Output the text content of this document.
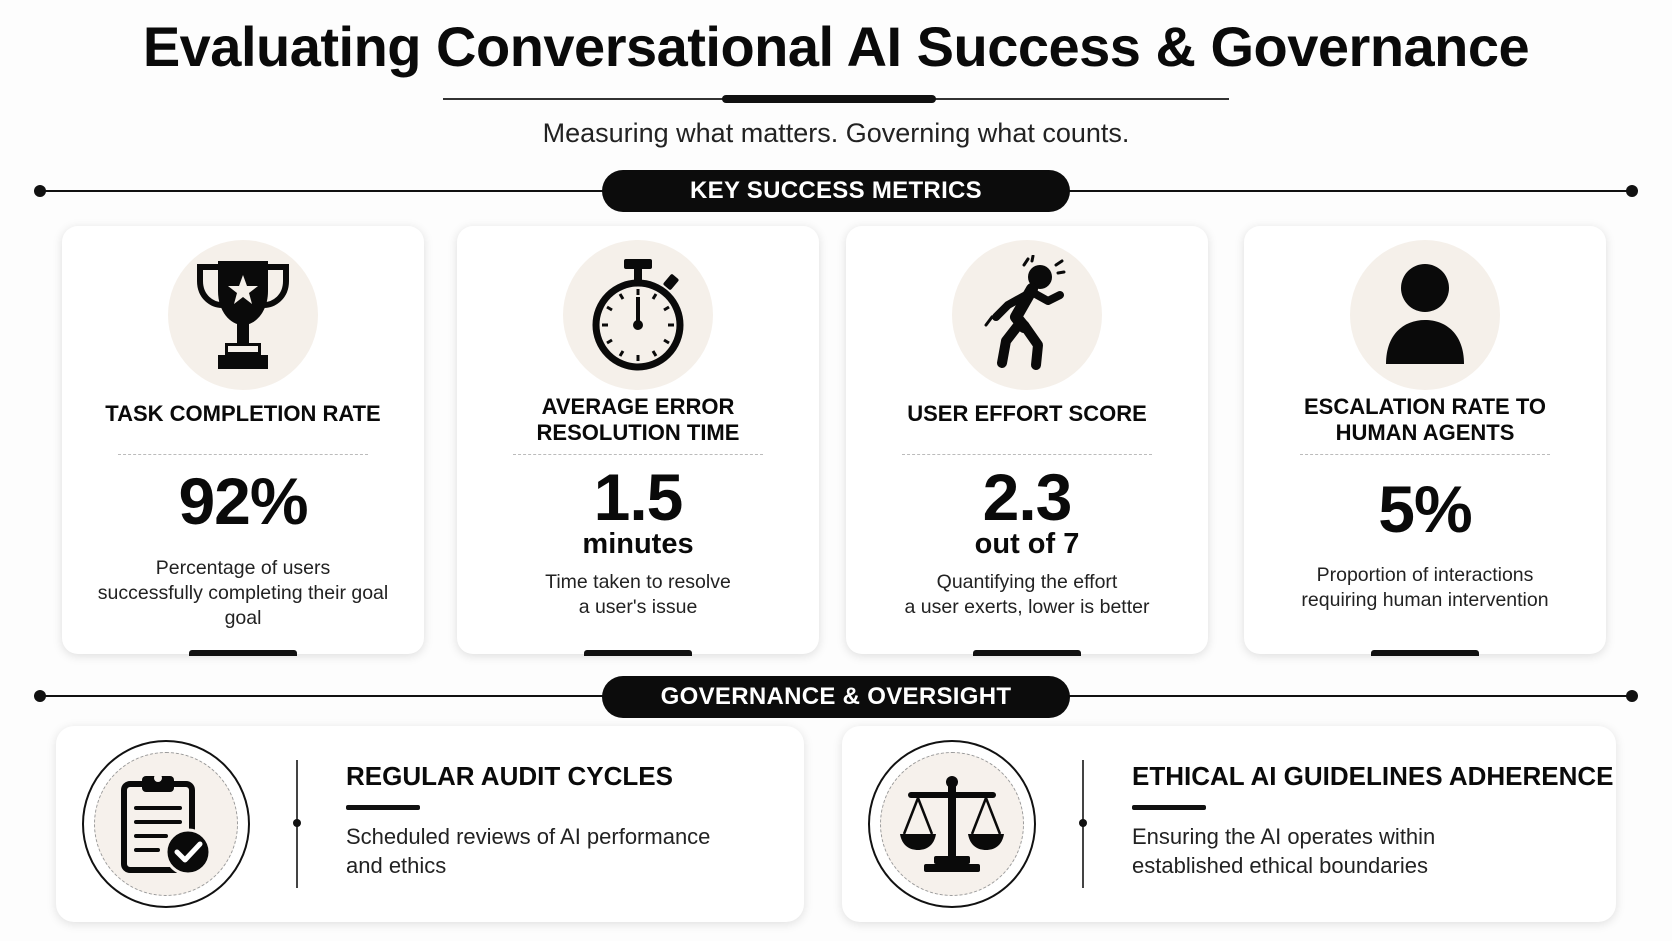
Evaluating Conversational AI Success & Governance
Measuring what matters. Governing what counts.
KEY SUCCESS METRICS
TASK COMPLETION RATE
92%
Percentage of users
successfully completing their goal
goal
AVERAGE ERROR
RESOLUTION TIME
1.5
minutes
Time taken to resolve
a user's issue
USER EFFORT SCORE
2.3
out of 7
Quantifying the effort
a user exerts, lower is better
ESCALATION RATE TO
HUMAN AGENTS
5%
Proportion of interactions
requiring human intervention
GOVERNANCE & OVERSIGHT
REGULAR AUDIT CYCLES
Scheduled reviews of AI performance
and ethics
ETHICAL AI GUIDELINES ADHERENCE
Ensuring the AI operates within
established ethical boundaries
